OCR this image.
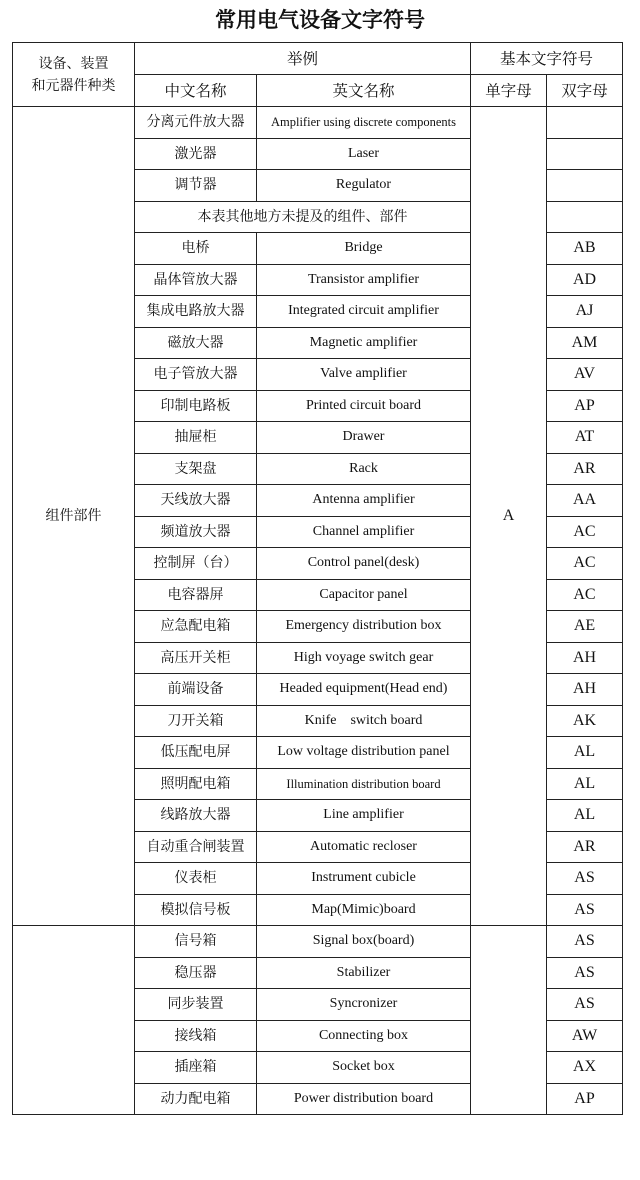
常用电气设备文字符号
设备、装置
和元器件种类	举例		基本文字符号	
	中文名称	英文名称	单字母	双字母
组件部件	分离元件放大器	Amplifier using discrete components	A	
	激光器	Laser		
	调节器	Regulator		
	本表其他地方未提及的组件、部件			
	电桥	Bridge		AB
	晶体管放大器	Transistor amplifier		AD
	集成电路放大器	Integrated circuit amplifier		AJ
	磁放大器	Magnetic amplifier		AM
	电子管放大器	Valve amplifier		AV
	印制电路板	Printed circuit board		AP
	抽屉柜	Drawer		AT
	支架盘	Rack		AR
	天线放大器	Antenna amplifier		AA
	频道放大器	Channel amplifier		AC
	控制屏（台）	Control panel(desk)		AC
	电容器屏	Capacitor panel		AC
	应急配电箱	Emergency distribution box		AE
	高压开关柜	High voyage switch gear		AH
	前端设备	Headed equipment(Head end)		AH
	刀开关箱	Knife    switch board		AK
	低压配电屏	Low voltage distribution panel		AL
	照明配电箱	Illumination distribution board		AL
	线路放大器	Line amplifier		AL
	自动重合闸装置	Automatic recloser		AR
	仪表柜	Instrument cubicle		AS
	模拟信号板	Map(Mimic)board		AS
	信号箱	Signal box(board)		AS
	稳压器	Stabilizer		AS
	同步装置	Syncronizer		AS
	接线箱	Connecting box		AW
	插座箱	Socket box		AX
	动力配电箱	Power distribution board		AP
